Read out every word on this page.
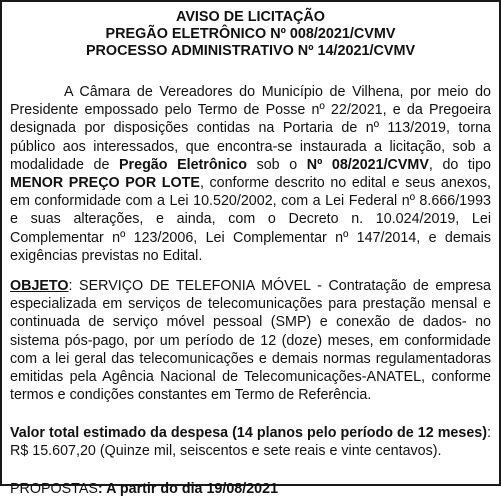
AVISO DE LICITAÇÃO
PREGÃO ELETRÔNICO Nº 008/2021/CVMV
PROCESSO ADMINISTRATIVO Nº 14/2021/CVMV
A Câmara de Vereadores do Município de Vilhena, por meio do Presidente empossado pelo Termo de Posse nº 22/2021, e da Pregoeira designada por disposições contidas na Portaria de nº 113/2019, torna público aos interessados, que encontra-se instaurada a licitação, sob a modalidade de Pregão Eletrônico sob o Nº 08/2021/CVMV, do tipo MENOR PREÇO POR LOTE, conforme descrito no edital e seus anexos, em conformidade com a Lei 10.520/2002, com a Lei Federal nº 8.666/1993 e suas alterações, e ainda, com o Decreto n. 10.024/2019, Lei Complementar nº 123/2006, Lei Complementar nº 147/2014, e demais exigências previstas no Edital.
OBJETO: SERVIÇO DE TELEFONIA MÓVEL - Contratação de empresa especializada em serviços de telecomunicações para prestação mensal e continuada de serviço móvel pessoal (SMP) e conexão de dados- no sistema pós-pago, por um período de 12 (doze) meses, em conformidade com a lei geral das telecomunicações e demais normas regulamentadoras emitidas pela Agência Nacional de Telecomunicações-ANATEL, conforme termos e condições constantes em Termo de Referência.
Valor total estimado da despesa (14 planos pelo período de 12 meses): R$ 15.607,20 (Quinze mil, seiscentos e sete reais e vinte centavos).
PROPOSTAS: A partir do dia 19/08/2021
